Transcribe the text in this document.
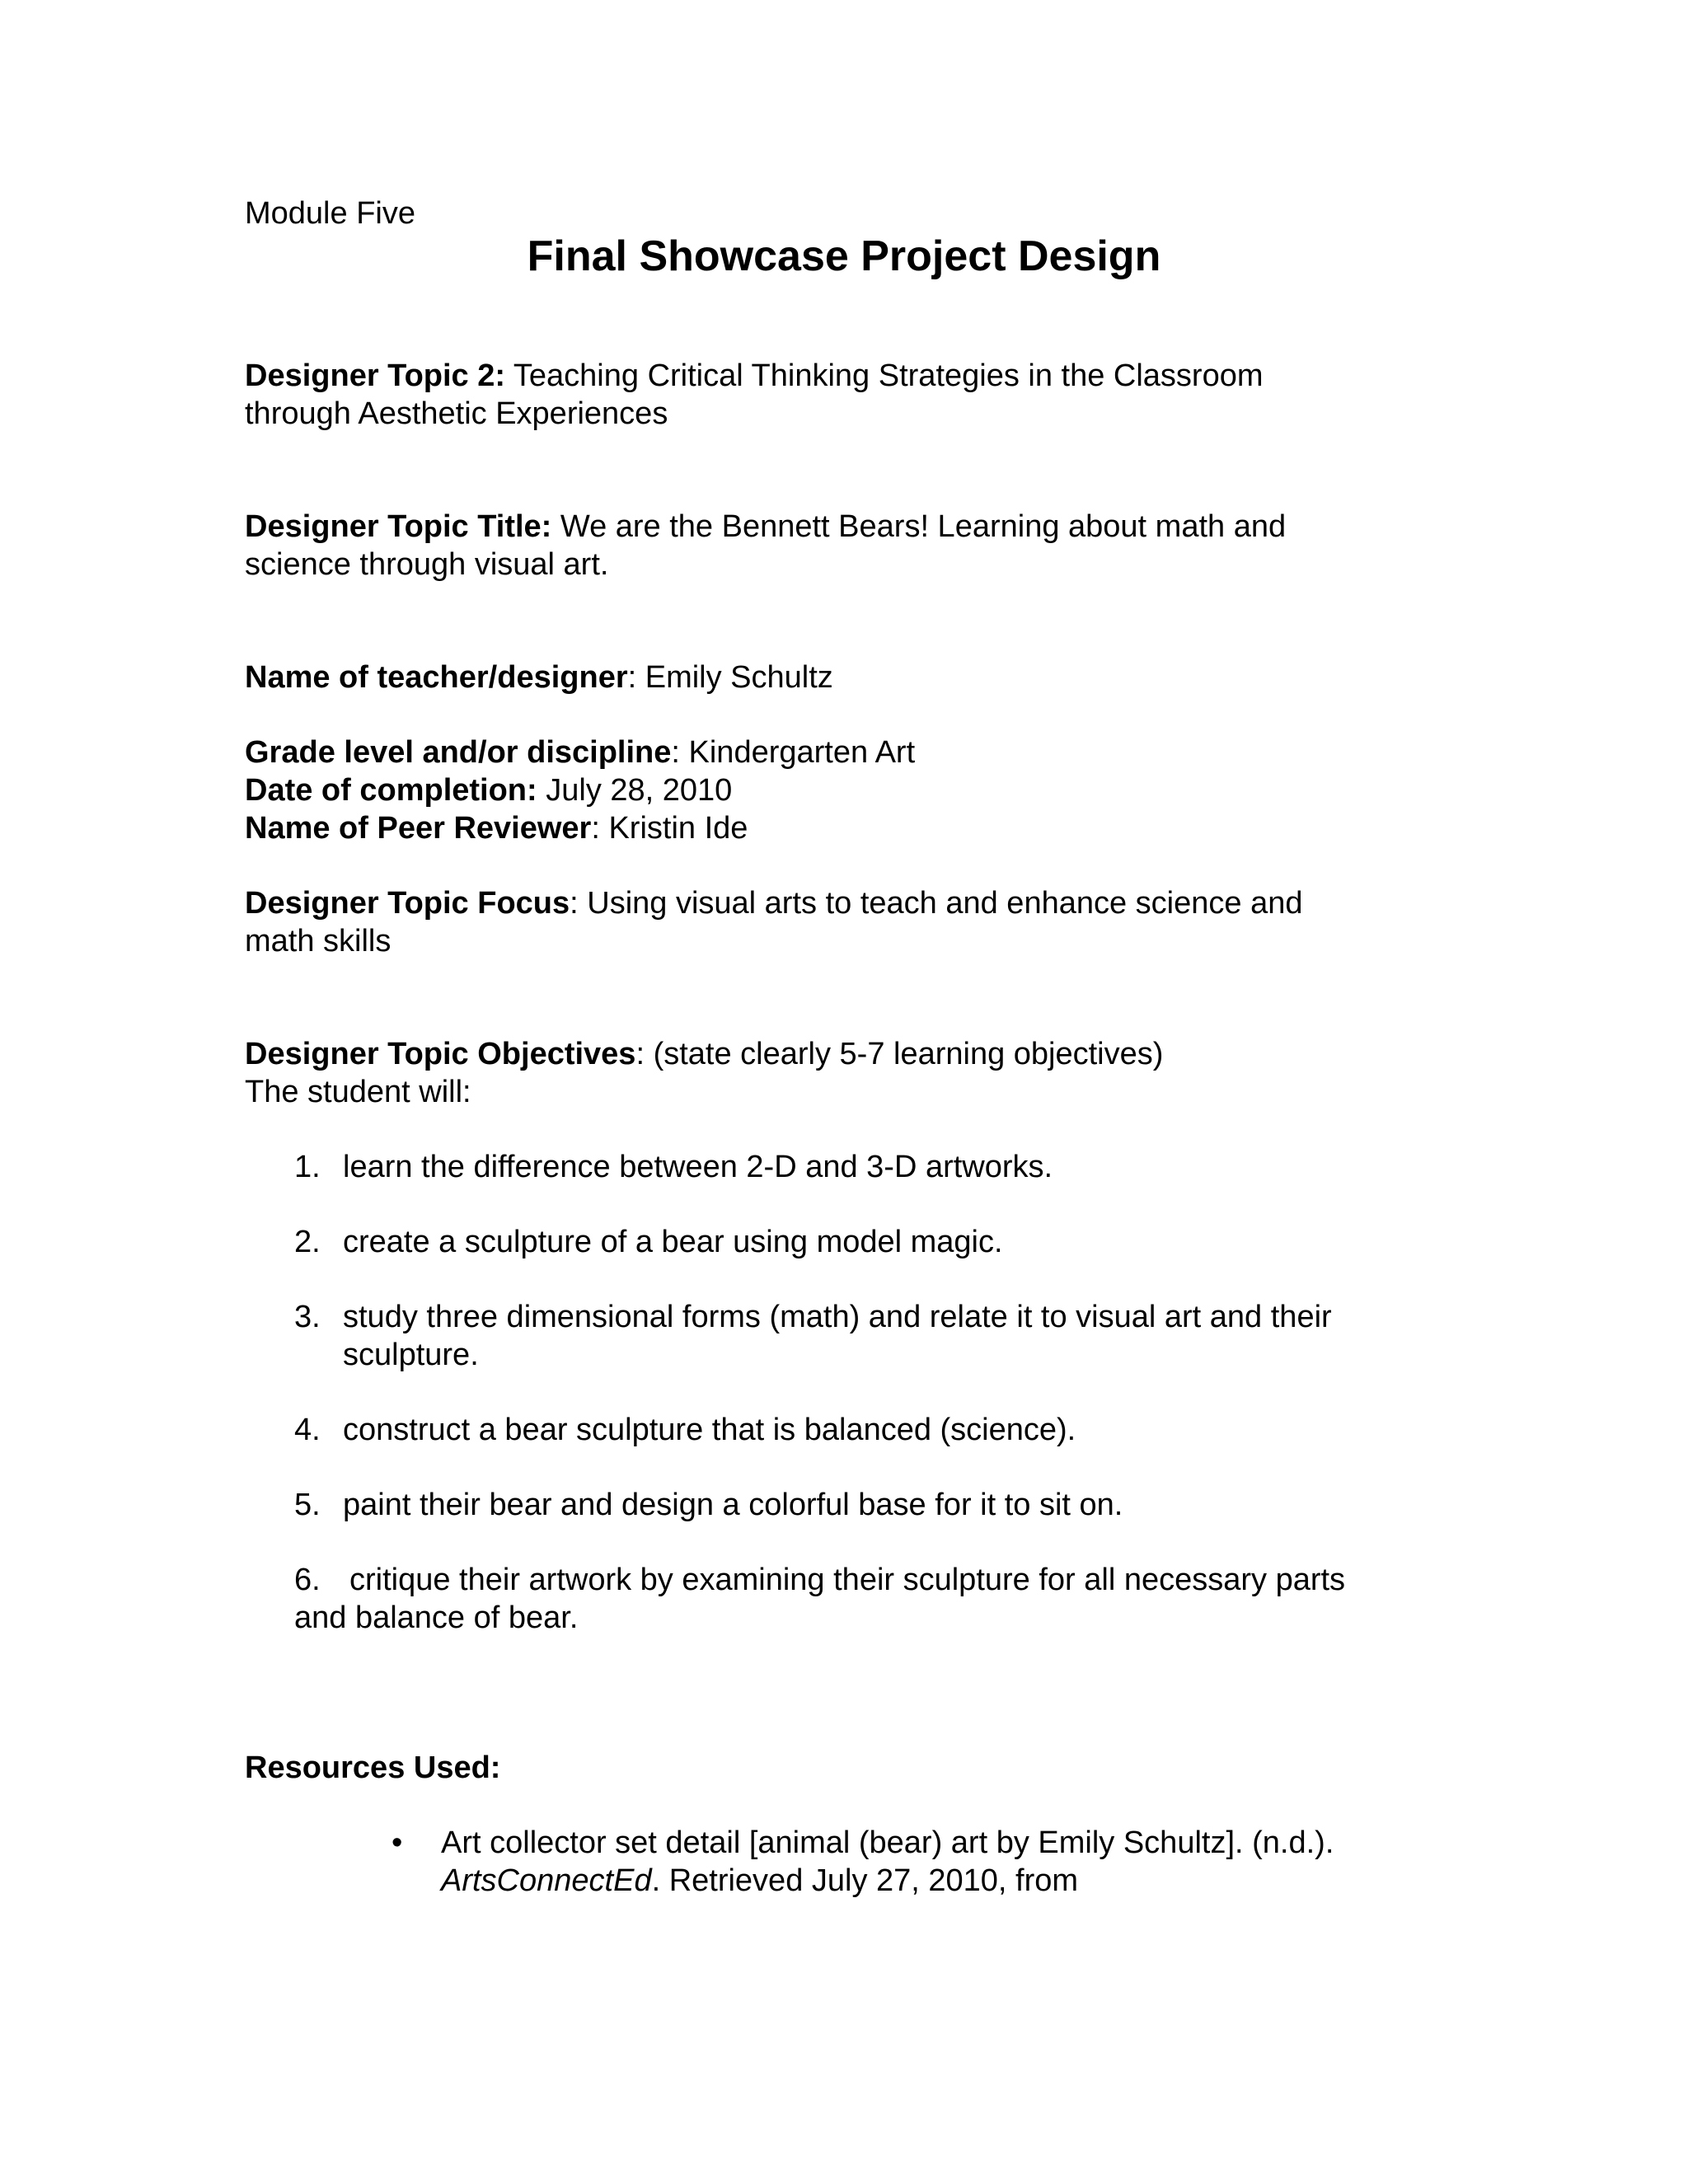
Module Five
Final Showcase Project Design
Designer Topic 2: Teaching Critical Thinking Strategies in the Classroom
through Aesthetic Experiences
Designer Topic Title: We are the Bennett Bears! Learning about math and
science through visual art.
Name of teacher/designer: Emily Schultz
Grade level and/or discipline: Kindergarten Art
Date of completion: July 28, 2010
Name of Peer Reviewer: Kristin Ide
Designer Topic Focus: Using visual arts to teach and enhance science and
math skills
Designer Topic Objectives: (state clearly 5-7 learning objectives)
The student will:
1. learn the difference between 2-D and 3-D artworks.
2. create a sculpture of a bear using model magic.
3. study three dimensional forms (math) and relate it to visual art and their
sculpture.
4. construct a bear sculpture that is balanced (science).
5. paint their bear and design a colorful base for it to sit on.
6. critique their artwork by examining their sculpture for all necessary parts
and balance of bear.
Resources Used:
• Art collector set detail [animal (bear) art by Emily Schultz]. (n.d.).
ArtsConnectEd. Retrieved July 27, 2010, from
